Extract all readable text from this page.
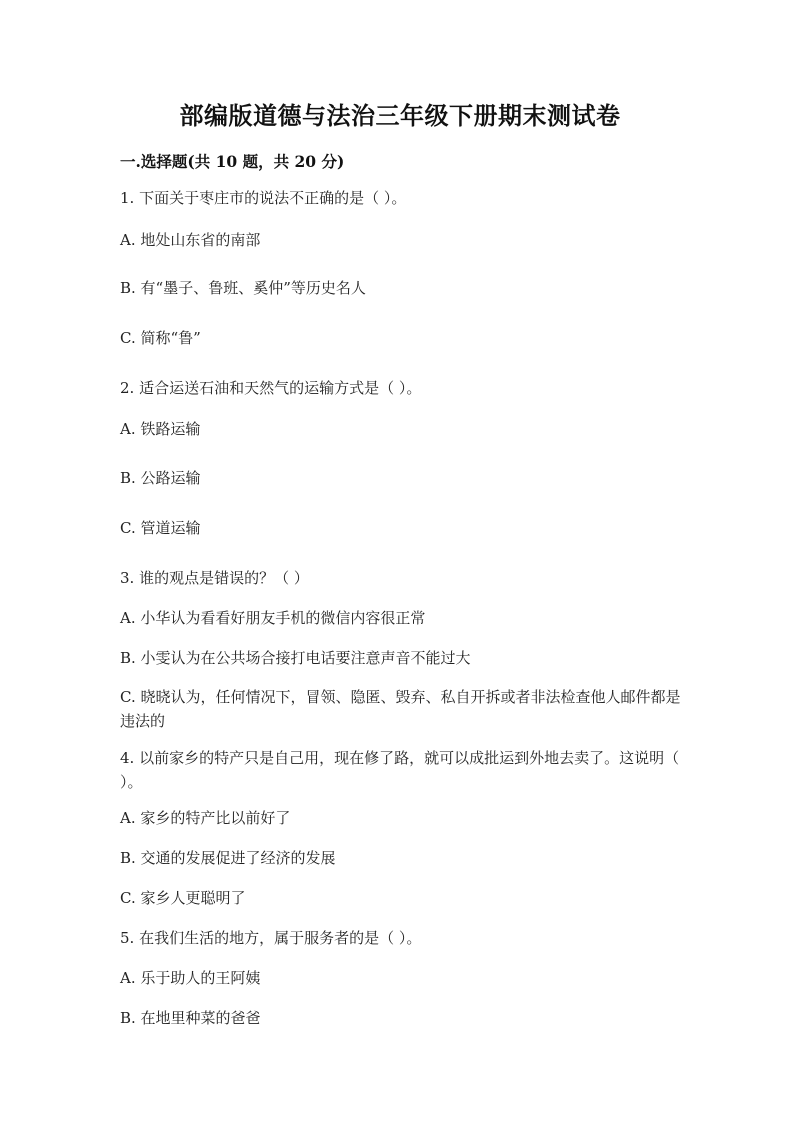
部编版道德与法治三年级下册期末测试卷
一.选择题(共 10 题，共 20 分)
1. 下面关于枣庄市的说法不正确的是（ ）。
A. 地处山东省的南部
B. 有“墨子、鲁班、奚仲”等历史名人
C. 简称“鲁”
2. 适合运送石油和天然气的运输方式是（ ）。
A. 铁路运输
B. 公路运输
C. 管道运输
3. 谁的观点是错误的？（ ）
A. 小华认为看看好朋友手机的微信内容很正常
B. 小雯认为在公共场合接打电话要注意声音不能过大
C. 晓晓认为，任何情况下，冒领、隐匿、毁弃、私自开拆或者非法检查他人邮件都是违法的
4. 以前家乡的特产只是自己用，现在修了路，就可以成批运到外地去卖了。这说明（ ）。
A. 家乡的特产比以前好了
B. 交通的发展促进了经济的发展
C. 家乡人更聪明了
5. 在我们生活的地方，属于服务者的是（ ）。
A. 乐于助人的王阿姨
B. 在地里种菜的爸爸
